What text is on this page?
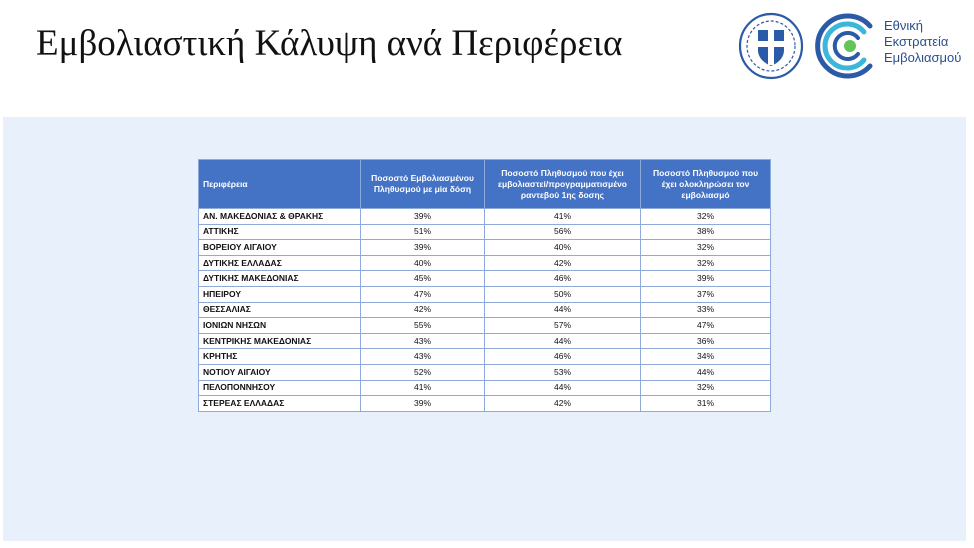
Εμβολιαστική Κάλυψη ανά Περιφέρεια	Εθνική
Εκστρατεία
Εμβολιασμού
Περιφέρεια	Ποσοστό Εμβολιασμένου Πληθυσμού με μία δόση	Ποσοστό Πληθυσμού που έχει εμβολιαστεί/προγραμματισμένο ραντεβού 1ης δοσης	Ποσοστό Πληθυσμού που έχει ολοκληρώσει τον εμβολιασμό
ΑΝ. ΜΑΚΕΔΟΝΙΑΣ & ΘΡΑΚΗΣ	39%	41%	32%
ΑΤΤΙΚΗΣ	51%	56%	38%
ΒΟΡΕΙΟΥ ΑΙΓΑΙΟΥ	39%	40%	32%
ΔΥΤΙΚΗΣ ΕΛΛΑΔΑΣ	40%	42%	32%
ΔΥΤΙΚΗΣ ΜΑΚΕΔΟΝΙΑΣ	45%	46%	39%
ΗΠΕΙΡΟΥ	47%	50%	37%
ΘΕΣΣΑΛΙΑΣ	42%	44%	33%
ΙΟΝΙΩΝ ΝΗΣΩΝ	55%	57%	47%
ΚΕΝΤΡΙΚΗΣ ΜΑΚΕΔΟΝΙΑΣ	43%	44%	36%
ΚΡΗΤΗΣ	43%	46%	34%
ΝΟΤΙΟΥ ΑΙΓΑΙΟΥ	52%	53%	44%
ΠΕΛΟΠΟΝΝΗΣΟΥ	41%	44%	32%
ΣΤΕΡΕΑΣ ΕΛΛΑΔΑΣ	39%	42%	31%
